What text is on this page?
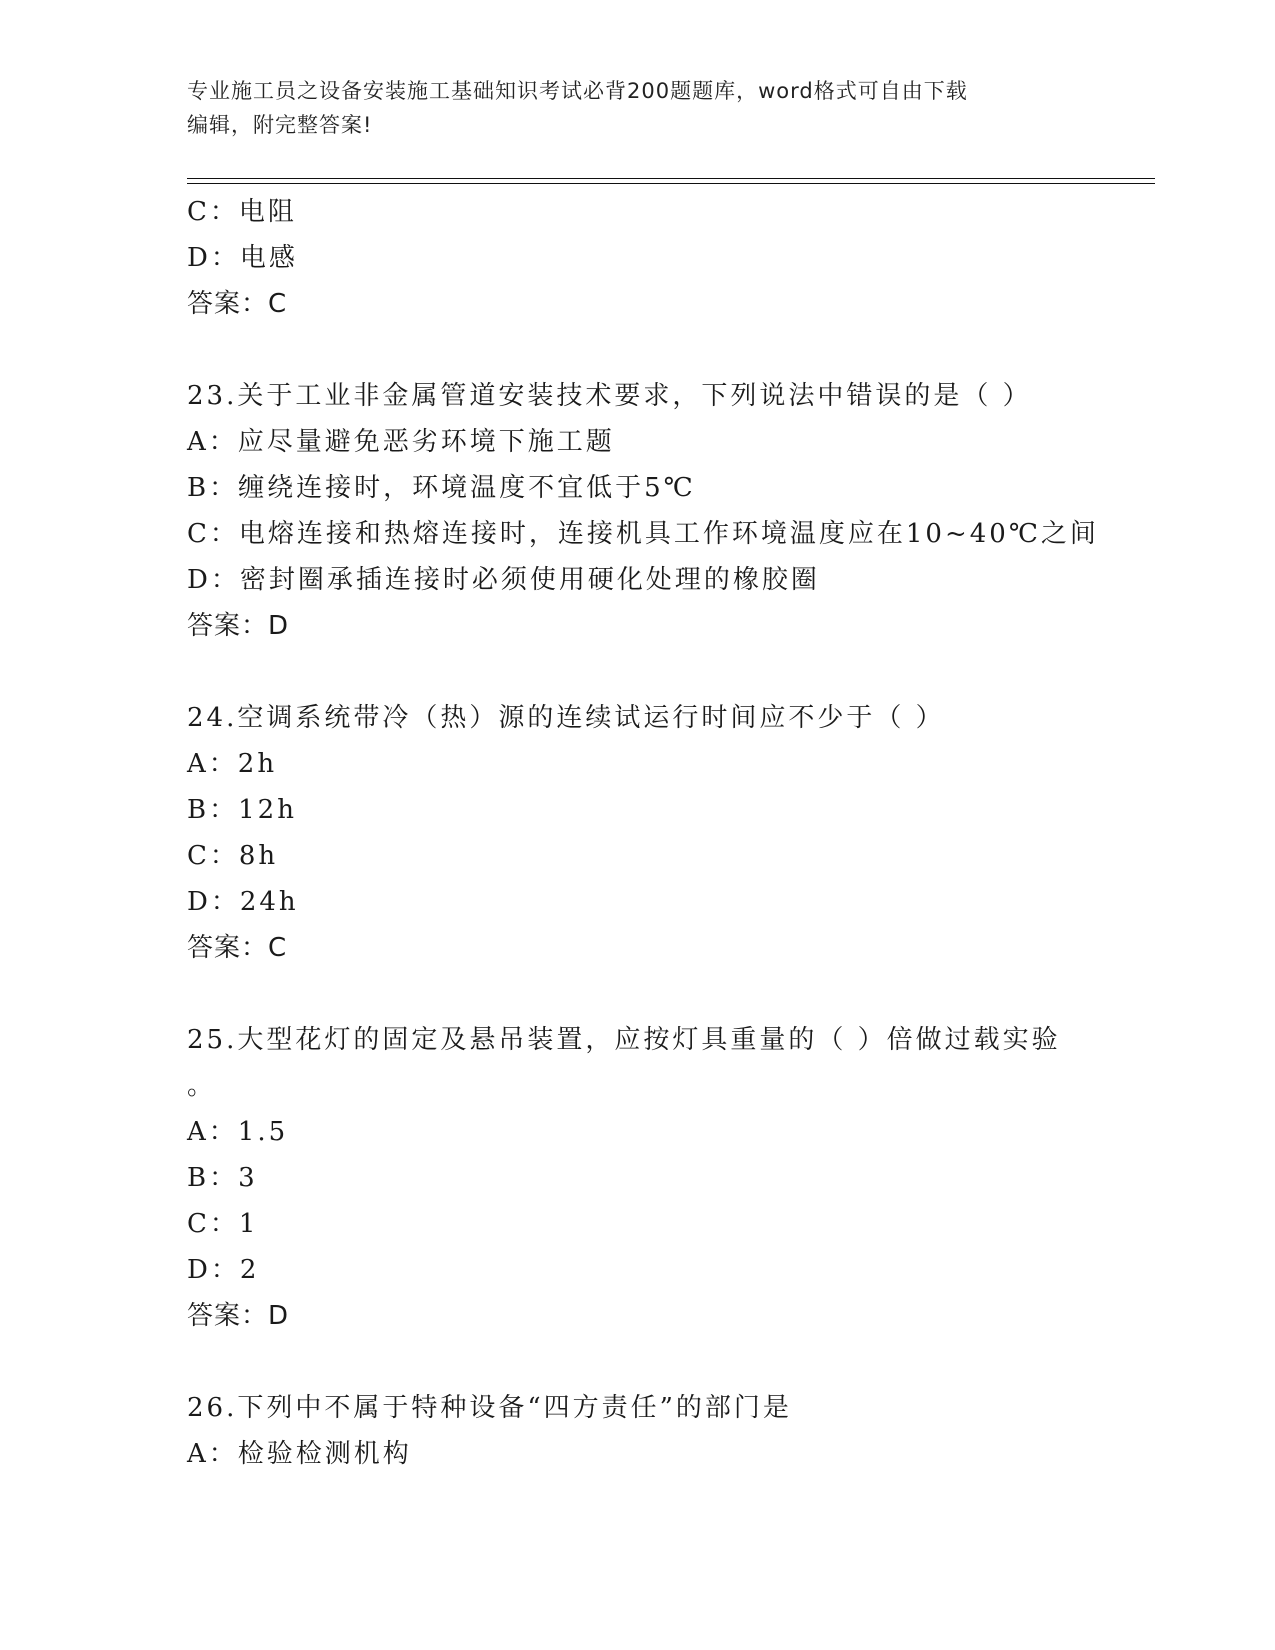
专业施工员之设备安装施工基础知识考试必背200题题库，word格式可自由下载
编辑，附完整答案!
C：电阻
D：电感
答案：C
23.关于工业非金属管道安装技术要求，下列说法中错误的是（ ）
A：应尽量避免恶劣环境下施工题
B：缠绕连接时，环境温度不宜低于5℃
C：电熔连接和热熔连接时，连接机具工作环境温度应在10~40℃之间
D：密封圈承插连接时必须使用硬化处理的橡胶圈
答案：D
24.空调系统带冷（热）源的连续试运行时间应不少于（ ）
A：2h
B：12h
C：8h
D：24h
答案：C
25.大型花灯的固定及悬吊装置，应按灯具重量的（ ）倍做过载实验
。
A：1.5
B：3
C：1
D：2
答案：D
26.下列中不属于特种设备“四方责任”的部门是
A：检验检测机构
